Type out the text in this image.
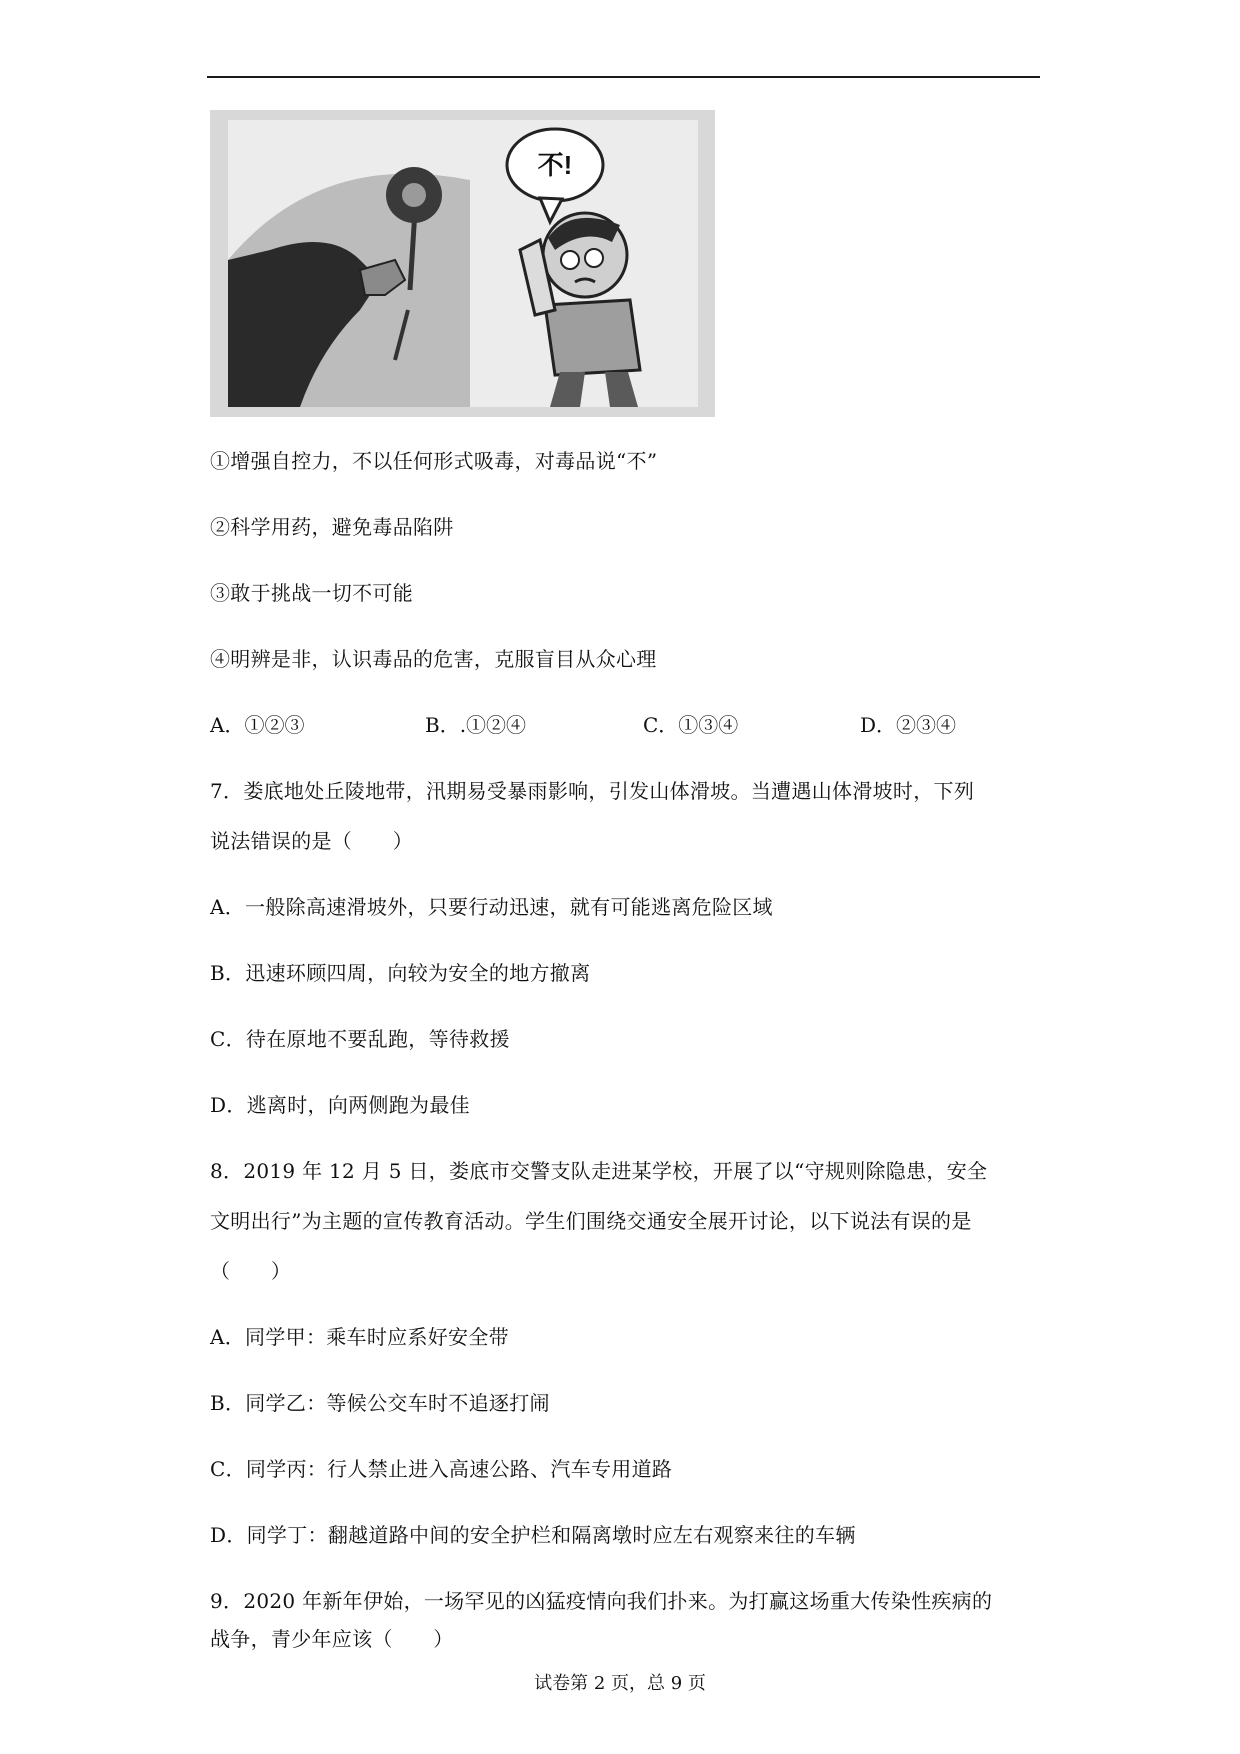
不!
①增强自控力，不以任何形式吸毒，对毒品说“不”
②科学用药，避免毒品陷阱
③敢于挑战一切不可能
④明辨是非，认识毒品的危害，克服盲目从众心理
A．①②③	B．.①②④	C．①③④	D．②③④
7．娄底地处丘陵地带，汛期易受暴雨影响，引发山体滑坡。当遭遇山体滑坡时，下列
说法错误的是（　　）
A．一般除高速滑坡外，只要行动迅速，就有可能逃离危险区域
B．迅速环顾四周，向较为安全的地方撤离
C．待在原地不要乱跑，等待救援
D．逃离时，向两侧跑为最佳
8．2019 年 12 月 5 日，娄底市交警支队走进某学校，开展了以“守规则除隐患，安全
文明出行”为主题的宣传教育活动。学生们围绕交通安全展开讨论，以下说法有误的是
（　　）
A．同学甲：乘车时应系好安全带
B．同学乙：等候公交车时不追逐打闹
C．同学丙：行人禁止进入高速公路、汽车专用道路
D．同学丁：翻越道路中间的安全护栏和隔离墩时应左右观察来往的车辆
9．2020 年新年伊始，一场罕见的凶猛疫情向我们扑来。为打赢这场重大传染性疾病的
战争，青少年应该（　　）
试卷第 2 页，总 9 页
